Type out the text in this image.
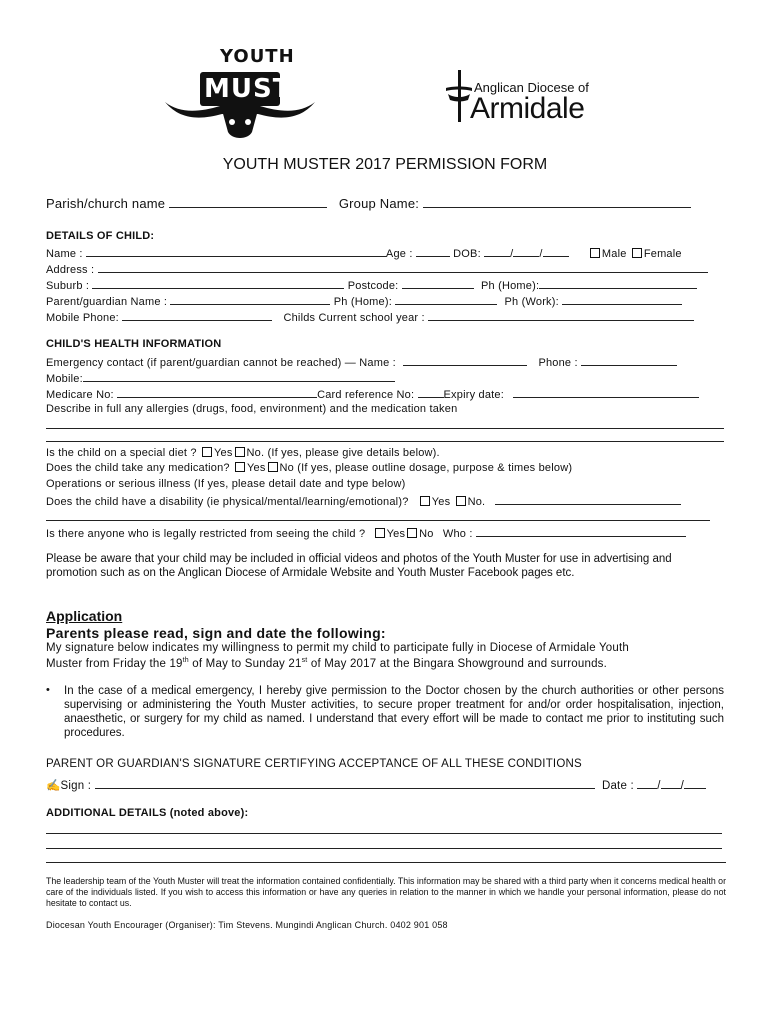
YOUTH
MUSTER	Anglican Diocese of
Armidale
YOUTH MUSTER 2017 PERMISSION FORM
Parish/church name	Group Name:
DETAILS OF CHILD:
Name :	Age :	DOB:	/ /	Male Female
Address :
Suburb :	Postcode:	Ph (Home):
Parent/guardian Name :	Ph (Home):	Ph (Work):
Mobile Phone:	Childs Current school year :
CHILD'S HEALTH INFORMATION
Emergency contact (if parent/guardian cannot be reached) — Name :	Phone :
Mobile:
Medicare No:	Card reference No:	Expiry date:
Describe in full any allergies (drugs, food, environment) and the medication taken
Is the child on a special diet ? Yes No. (If yes, please give details below).
Does the child take any medication? Yes No (If yes, please outline dosage, purpose & times below)
Operations or serious illness (If yes, please detail date and type below)
Does the child have a disability (ie physical/mental/learning/emotional)? Yes No.
Is there anyone who is legally restricted from seeing the child ? Yes No Who :
Please be aware that your child may be included in official videos and photos of the Youth Muster for use in advertising and promotion such as on the Anglican Diocese of Armidale Website and Youth Muster Facebook pages etc.
Application
Parents please read, sign and date the following:
My signature below indicates my willingness to permit my child to participate fully in Diocese of Armidale Youth
Muster from Friday the 19th of May to Sunday 21st of May 2017 at the Bingara Showground and surrounds.
• In the case of a medical emergency, I hereby give permission to the Doctor chosen by the church authorities or other persons supervising or administering the Youth Muster activities, to secure proper treatment for and/or order hospitalisation, injection, anaesthetic, or surgery for my child as named. I understand that every effort will be made to contact me prior to instituting such procedures.
PARENT OR GUARDIAN'S SIGNATURE CERTIFYING ACCEPTANCE OF ALL THESE CONDITIONS
✍Sign :	Date : / /
ADDITIONAL DETAILS (noted above):
The leadership team of the Youth Muster will treat the information contained confidentially. This information may be shared with a third party when it concerns medical health or care of the individuals listed. If you wish to access this information or have any queries in relation to the manner in which we handle your personal information, please do not hesitate to contact us.
Diocesan Youth Encourager (Organiser): Tim Stevens. Mungindi Anglican Church. 0402 901 058
